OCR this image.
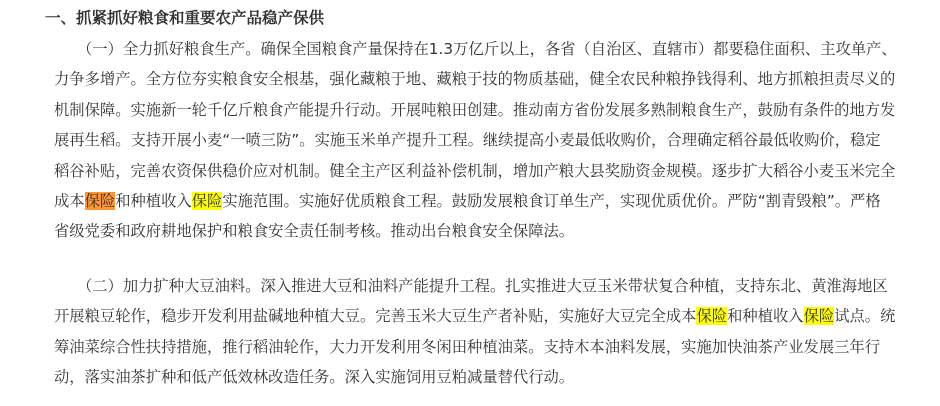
一、抓紧抓好粮食和重要农产品稳产保供
　　（一）全力抓好粮食生产。确保全国粮食产量保持在1.3万亿斤以上，各省（自治区、直辖市）都要稳住面积、主攻单产、
力争多增产。全方位夯实粮食安全根基，强化藏粮于地、藏粮于技的物质基础，健全农民种粮挣钱得利、地方抓粮担责尽义的
机制保障。实施新一轮千亿斤粮食产能提升行动。开展吨粮田创建。推动南方省份发展多熟制粮食生产，鼓励有条件的地方发
展再生稻。支持开展小麦“一喷三防”。实施玉米单产提升工程。继续提高小麦最低收购价，合理确定稻谷最低收购价，稳定
稻谷补贴，完善农资保供稳价应对机制。健全主产区利益补偿机制，增加产粮大县奖励资金规模。逐步扩大稻谷小麦玉米完全
成本保险和种植收入保险实施范围。实施好优质粮食工程。鼓励发展粮食订单生产，实现优质优价。严防“割青毁粮”。严格
省级党委和政府耕地保护和粮食安全责任制考核。推动出台粮食安全保障法。
　　（二）加力扩种大豆油料。深入推进大豆和油料产能提升工程。扎实推进大豆玉米带状复合种植，支持东北、黄淮海地区
开展粮豆轮作，稳步开发利用盐碱地种植大豆。完善玉米大豆生产者补贴，实施好大豆完全成本保险和种植收入保险试点。统
筹油菜综合性扶持措施，推行稻油轮作，大力开发利用冬闲田种植油菜。支持木本油料发展，实施加快油茶产业发展三年行
动，落实油茶扩种和低产低效林改造任务。深入实施饲用豆粕减量替代行动。
